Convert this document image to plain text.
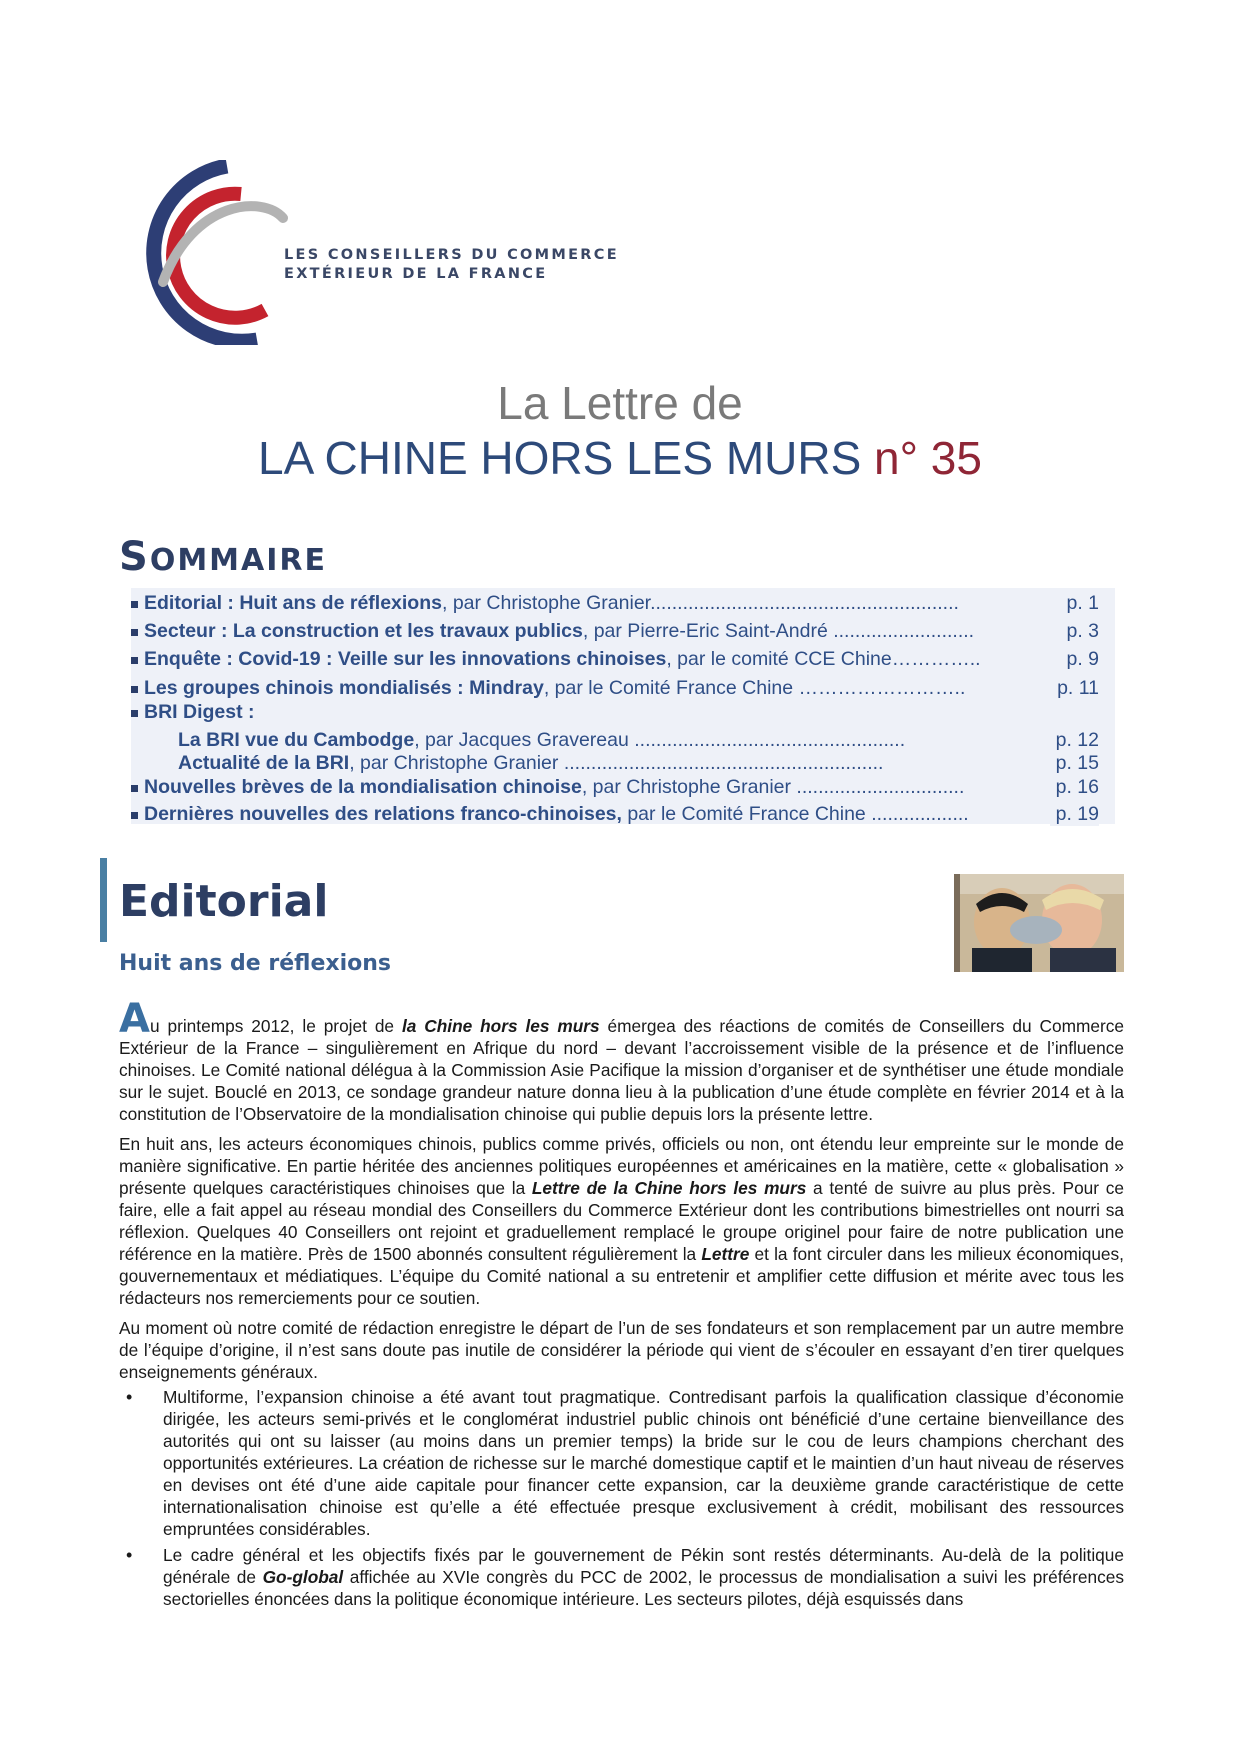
LES CONSEILLERS DU COMMERCE
EXTÉRIEUR DE LA FRANCE
La Lettre de
LA CHINE HORS LES MURS n° 35
SOMMAIRE
Editorial : Huit ans de réflexions, par Christophe Granier.........................................................	p. 1
Secteur : La construction et les travaux publics, par Pierre-Eric Saint-André ..........................	p. 3
Enquête : Covid-19 : Veille sur les innovations chinoises, par le comité CCE Chine…………..	p. 9
Les groupes chinois mondialisés : Mindray, par le Comité France Chine ……………………..	p. 11
BRI Digest :
La BRI vue du Cambodge, par Jacques Gravereau ..................................................	p. 12
Actualité de la BRI, par Christophe Granier ...........................................................	p. 15
Nouvelles brèves de la mondialisation chinoise, par Christophe Granier ...............................	p. 16
Dernières nouvelles des relations franco-chinoises, par le Comité France Chine ..................	p. 19
Editorial
Huit ans de réflexions

Au printemps 2012, le projet de la Chine hors les murs émergea des réactions de comités de Conseillers du Commerce Extérieur de la France – singulièrement en Afrique du nord – devant l’accroissement visible de la présence et de l’influence chinoises. Le Comité national délégua à la Commission Asie Pacifique la mission d’organiser et de synthétiser une étude mondiale sur le sujet. Bouclé en 2013, ce sondage grandeur nature donna lieu à la publication d’une étude complète en février 2014 et à la constitution de l’Observatoire de la mondialisation chinoise qui publie depuis lors la présente lettre.

En huit ans, les acteurs économiques chinois, publics comme privés, officiels ou non, ont étendu leur empreinte sur le monde de manière significative. En partie héritée des anciennes politiques européennes et américaines en la matière, cette « globalisation » présente quelques caractéristiques chinoises que la Lettre de la Chine hors les murs a tenté de suivre au plus près. Pour ce faire, elle a fait appel au réseau mondial des Conseillers du Commerce Extérieur dont les contributions bimestrielles ont nourri sa réflexion. Quelques 40 Conseillers ont rejoint et graduellement remplacé le groupe originel pour faire de notre publication une référence en la matière. Près de 1500 abonnés consultent régulièrement la Lettre et la font circuler dans les milieux économiques, gouvernementaux et médiatiques. L’équipe du Comité national a su entretenir et amplifier cette diffusion et mérite avec tous les rédacteurs nos remerciements pour ce soutien.

Au moment où notre comité de rédaction enregistre le départ de l’un de ses fondateurs et son remplacement par un autre membre de l’équipe d’origine, il n’est sans doute pas inutile de considérer la période qui vient de s’écouler en essayant d’en tirer quelques enseignements généraux.

• Multiforme, l’expansion chinoise a été avant tout pragmatique. Contredisant parfois la qualification classique d’économie dirigée, les acteurs semi-privés et le conglomérat industriel public chinois ont bénéficié d’une certaine bienveillance des autorités qui ont su laisser (au moins dans un premier temps) la bride sur le cou de leurs champions cherchant des opportunités extérieures. La création de richesse sur le marché domestique captif et le maintien d’un haut niveau de réserves en devises ont été d’une aide capitale pour financer cette expansion, car la deuxième grande caractéristique de cette internationalisation chinoise est qu’elle a été effectuée presque exclusivement à crédit, mobilisant des ressources empruntées considérables.
• Le cadre général et les objectifs fixés par le gouvernement de Pékin sont restés déterminants. Au-delà de la politique générale de Go-global affichée au XVIe congrès du PCC de 2002, le processus de mondialisation a suivi les préférences sectorielles énoncées dans la politique économique intérieure. Les secteurs pilotes, déjà esquissés dans
